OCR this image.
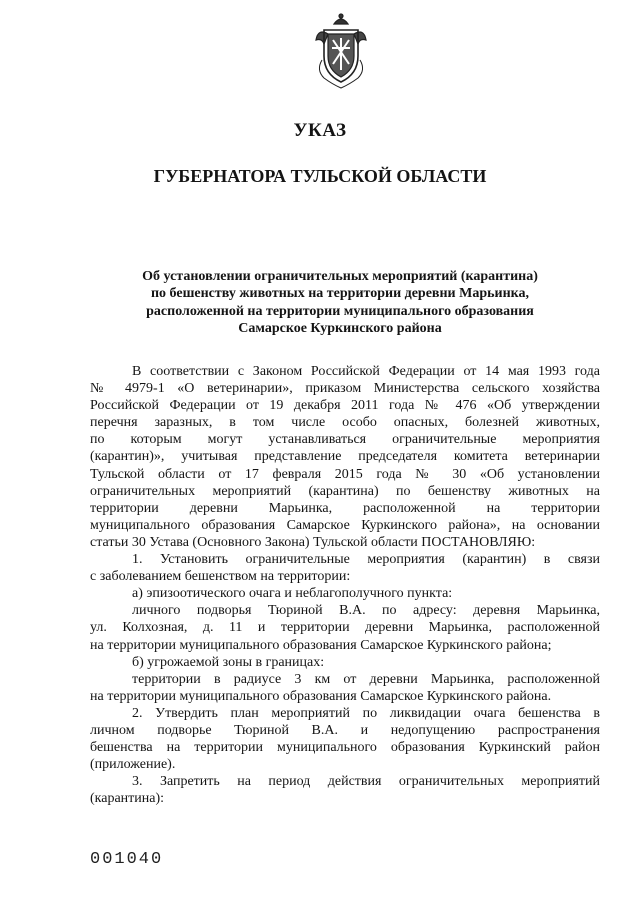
УКАЗ
ГУБЕРНАТОРА ТУЛЬСКОЙ ОБЛАСТИ
Об установлении ограничительных мероприятий (карантина)
по бешенству животных на территории деревни Марьинка,
расположенной на территории муниципального образования
Самарское Куркинского района
В соответствии с Законом Российской Федерации от 14 мая 1993 года
№ 4979-1 «О ветеринарии», приказом Министерства сельского хозяйства
Российской Федерации от 19 декабря 2011 года № 476 «Об утверждении
перечня заразных, в том числе особо опасных, болезней животных,
по которым могут устанавливаться ограничительные мероприятия
(карантин)», учитывая представление председателя комитета ветеринарии
Тульской области от 17 февраля 2015 года № 30 «Об установлении
ограничительных мероприятий (карантина) по бешенству животных на
территории деревни Марьинка, расположенной на территории
муниципального образования Самарское Куркинского района», на основании
статьи 30 Устава (Основного Закона) Тульской области ПОСТАНОВЛЯЮ:
1. Установить ограничительные мероприятия (карантин) в связи
с заболеванием бешенством на территории:
а) эпизоотического очага и неблагополучного пункта:
личного подворья Тюриной В.А. по адресу: деревня Марьинка,
ул. Колхозная, д. 11 и территории деревни Марьинка, расположенной
на территории муниципального образования Самарское Куркинского района;
б) угрожаемой зоны в границах:
территории в радиусе 3 км от деревни Марьинка, расположенной
на территории муниципального образования Самарское Куркинского района.
2. Утвердить план мероприятий по ликвидации очага бешенства в
личном подворье Тюриной В.А. и недопущению распространения
бешенства на территории муниципального образования Куркинский район
(приложение).
3. Запретить на период действия ограничительных мероприятий
(карантина):
001040
